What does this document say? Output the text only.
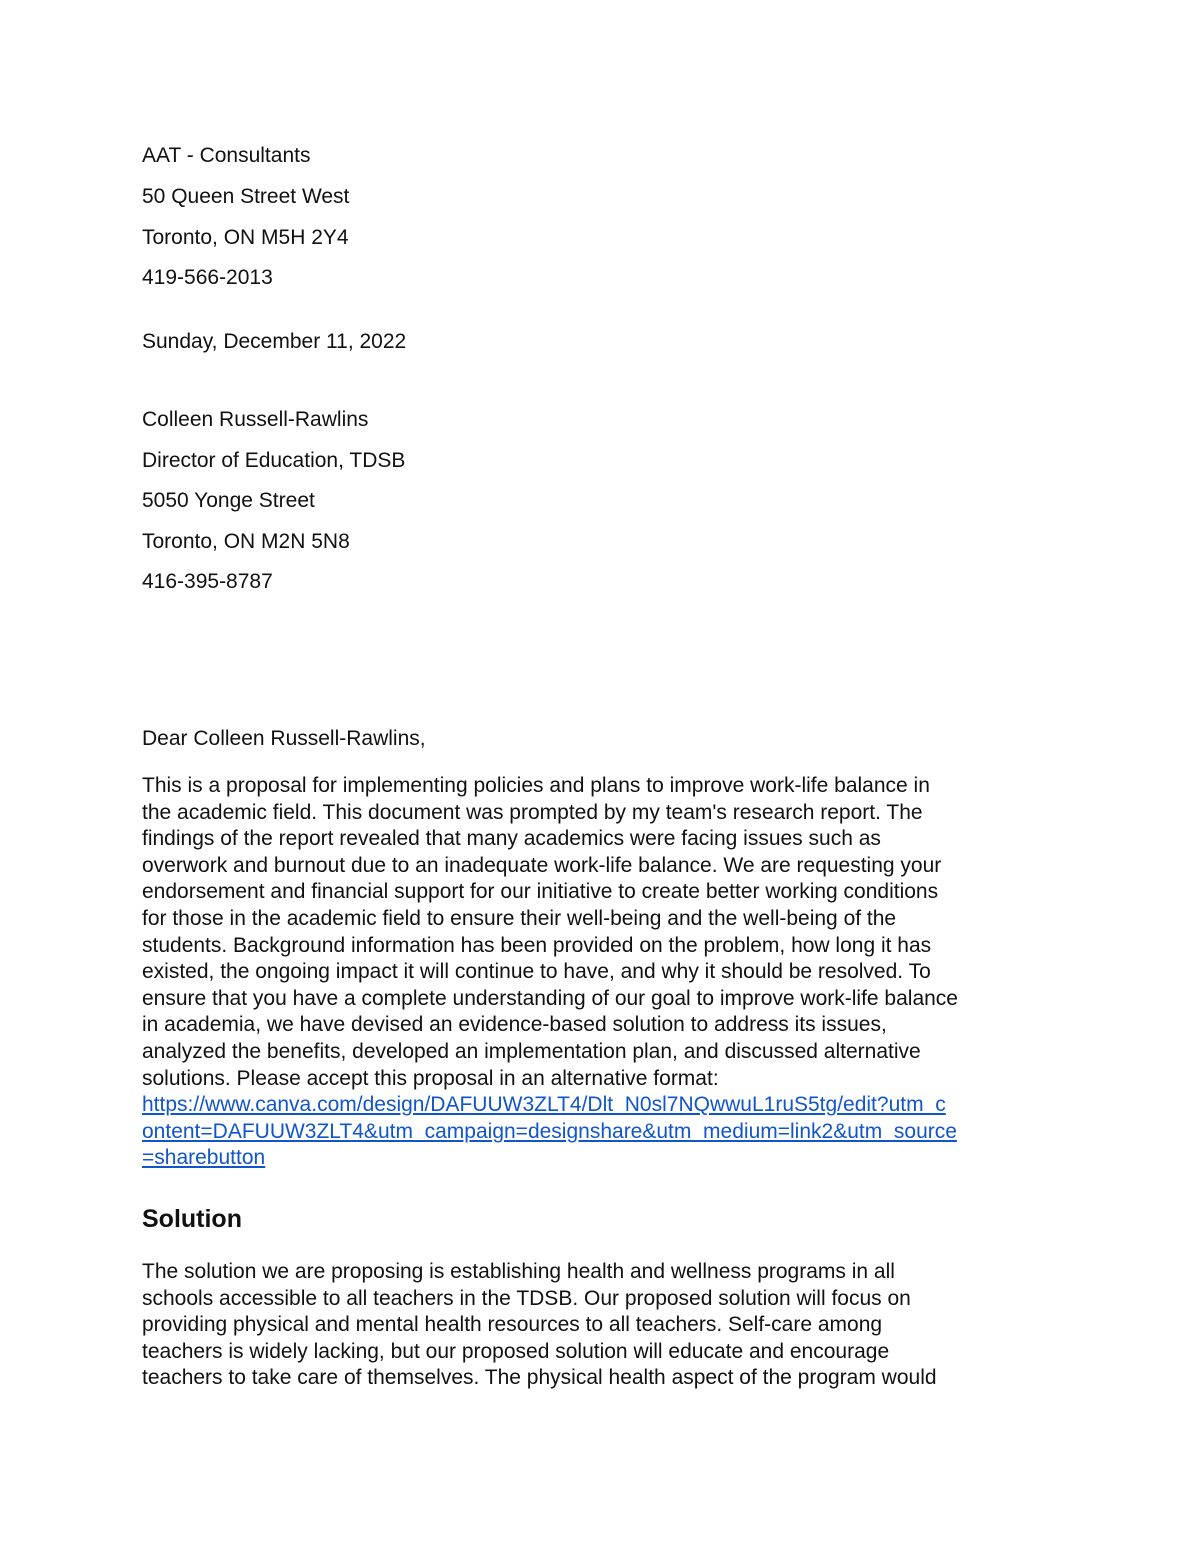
AAT - Consultants

50 Queen Street West

Toronto, ON M5H 2Y4

419-566-2013

Sunday, December 11, 2022

Colleen Russell-Rawlins

Director of Education, TDSB

5050 Yonge Street

Toronto, ON M2N 5N8

416-395-8787

Dear Colleen Russell-Rawlins,

This is a proposal for implementing policies and plans to improve work-life balance in
the academic field. This document was prompted by my team's research report. The
findings of the report revealed that many academics were facing issues such as
overwork and burnout due to an inadequate work-life balance. We are requesting your
endorsement and financial support for our initiative to create better working conditions
for those in the academic field to ensure their well-being and the well-being of the
students. Background information has been provided on the problem, how long it has
existed, the ongoing impact it will continue to have, and why it should be resolved. To
ensure that you have a complete understanding of our goal to improve work-life balance
in academia, we have devised an evidence-based solution to address its issues,
analyzed the benefits, developed an implementation plan, and discussed alternative
solutions. Please accept this proposal in an alternative format:
https://www.canva.com/design/DAFUUW3ZLT4/Dlt_N0sl7NQwwuL1ruS5tg/edit?utm_c
ontent=DAFUUW3ZLT4&utm_campaign=designshare&utm_medium=link2&utm_source
=sharebutton
Solution
The solution we are proposing is establishing health and wellness programs in all
schools accessible to all teachers in the TDSB. Our proposed solution will focus on
providing physical and mental health resources to all teachers. Self-care among
teachers is widely lacking, but our proposed solution will educate and encourage
teachers to take care of themselves. The physical health aspect of the program would
